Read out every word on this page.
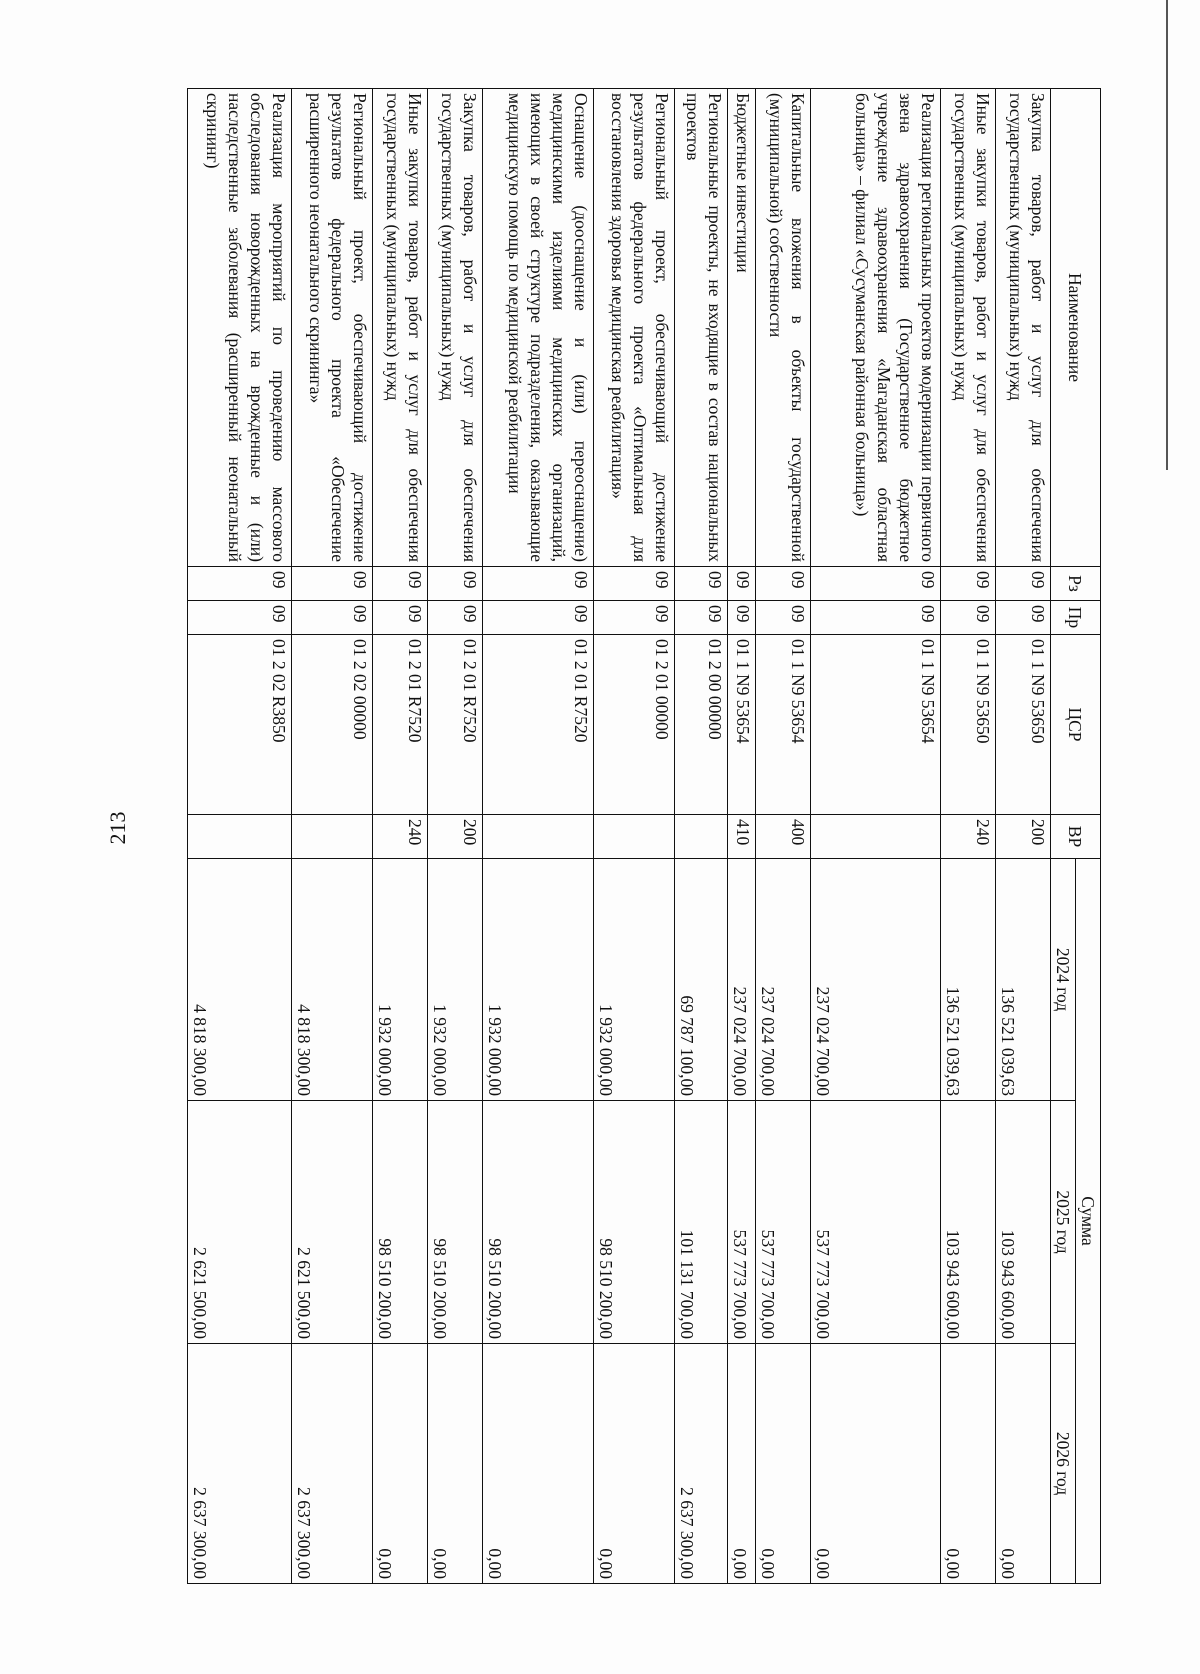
213
Наименование	Рз	Пр	ЦСР	ВР	Сумма		
					2024 год	2025 год	2026 год
Закупка товаров, работ и услуг для обеспечения государственных (муниципальных) нужд	09	09	01 1 N9 53650	200	136 521 039,63	103 943 600,00	0,00
Иные закупки товаров, работ и услуг для обеспечения государственных (муниципальных) нужд	09	09	01 1 N9 53650	240	136 521 039,63	103 943 600,00	0,00
Реализация региональных проектов модернизации первичного звена здравоохранения (Государственное бюджетное учреждение здравоохранения «Магаданская областная больница» – филиал «Сусуманская районная больница»)	09	09	01 1 N9 53654		237 024 700,00	537 773 700,00	0,00
Капитальные вложения в объекты государственной (муниципальной) собственности	09	09	01 1 N9 53654	400	237 024 700,00	537 773 700,00	0,00
Бюджетные инвестиции	09	09	01 1 N9 53654	410	237 024 700,00	537 773 700,00	0,00
Региональные проекты, не входящие в состав национальных проектов	09	09	01 2 00 00000		69 787 100,00	101 131 700,00	2 637 300,00
Региональный проект, обеспечивающий достижение результатов федерального проекта «Оптимальная для восстановления здоровья медицинская реабилитация»	09	09	01 2 01 00000		1 932 000,00	98 510 200,00	0,00
Оснащение (дооснащение и (или) переоснащение) медицинскими изделиями медицинских организаций, имеющих в своей структуре подразделения, оказывающие медицинскую помощь по медицинской реабилитации	09	09	01 2 01 R7520		1 932 000,00	98 510 200,00	0,00
Закупка товаров, работ и услуг для обеспечения государственных (муниципальных) нужд	09	09	01 2 01 R7520	200	1 932 000,00	98 510 200,00	0,00
Иные закупки товаров, работ и услуг для обеспечения государственных (муниципальных) нужд	09	09	01 2 01 R7520	240	1 932 000,00	98 510 200,00	0,00
Региональный проект, обеспечивающий достижение результатов федерального проекта «Обеспечение расширенного неонатального скрининга»	09	09	01 2 02 00000		4 818 300,00	2 621 500,00	2 637 300,00
Реализация мероприятий по проведению массового обследования новорожденных на врожденные и (или) наследственные заболевания (расширенный неонатальный скрининг)	09	09	01 2 02 R3850		4 818 300,00	2 621 500,00	2 637 300,00
